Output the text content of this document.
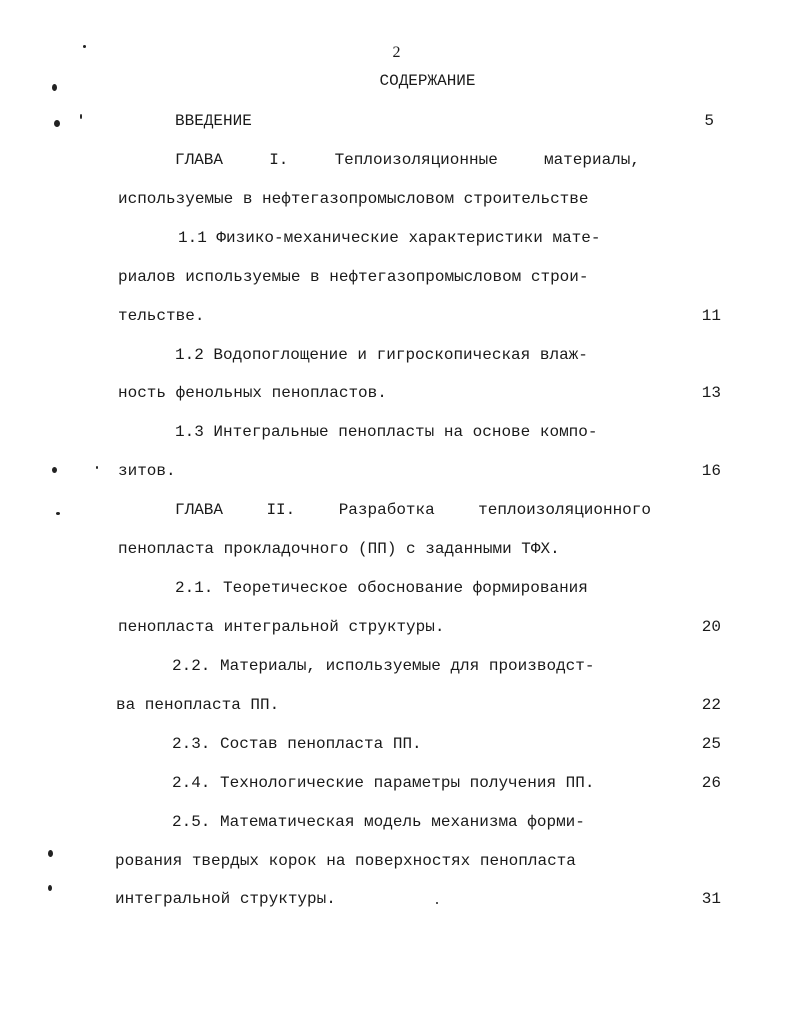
2
СОДЕРЖАНИЕ
ВВЕДЕНИЕ	5
ГЛАВА	I.	Теплоизоляционные	материалы,
используемые в нефтегазопромысловом строительстве
1.1 Физико-механические характеристики мате-
риалов используемые в нефтегазопромысловом строи-
тельстве.	11
1.2 Водопоглощение и гигроскопическая влаж-
ность фенольных пенопластов.	13
1.3 Интегральные пенопласты на основе компо-
зитов.	16
ГЛАВА	II.	Разработка	теплоизоляционного
пенопласта прокладочного (ПП) с заданными ТФХ.
2.1. Теоретическое обоснование формирования
пенопласта интегральной структуры.	20
2.2. Материалы, используемые для производст-
ва пенопласта ПП.	22
2.3. Состав пенопласта ПП.	25
2.4. Технологические параметры получения ПП.	26
2.5. Математическая модель механизма форми-
рования твердых корок на поверхностях пенопласта
интегральной структуры.	31
